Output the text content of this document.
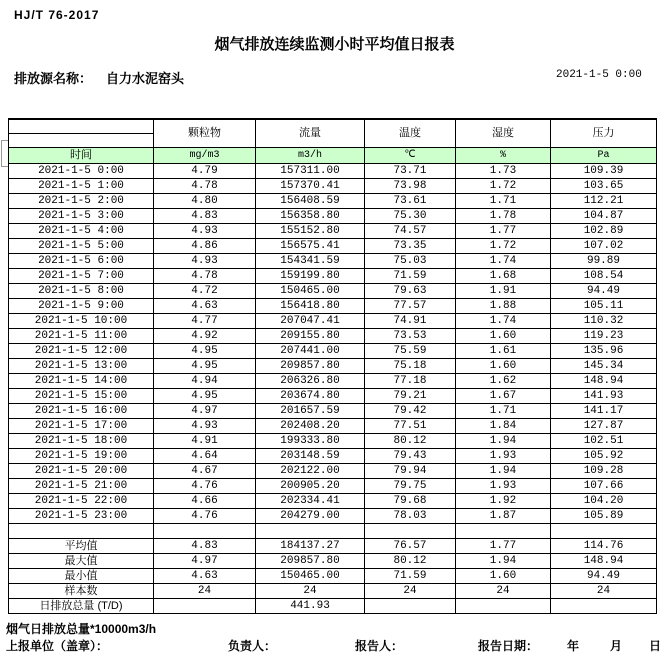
HJ/T 76-2017
烟气排放连续监测小时平均值日报表
排放源名称： 自力水泥窑头	2021-1-5 0:00
	颗粒物	流量	温度	湿度	压力

时间	mg/m3	m3/h	℃	%	Pa
2021-1-5 0:00	4.79	157311.00	73.71	1.73	109.39
2021-1-5 1:00	4.78	157370.41	73.98	1.72	103.65
2021-1-5 2:00	4.80	156408.59	73.61	1.71	112.21
2021-1-5 3:00	4.83	156358.80	75.30	1.78	104.87
2021-1-5 4:00	4.93	155152.80	74.57	1.77	102.89
2021-1-5 5:00	4.86	156575.41	73.35	1.72	107.02
2021-1-5 6:00	4.93	154341.59	75.03	1.74	99.89
2021-1-5 7:00	4.78	159199.80	71.59	1.68	108.54
2021-1-5 8:00	4.72	150465.00	79.63	1.91	94.49
2021-1-5 9:00	4.63	156418.80	77.57	1.88	105.11
2021-1-5 10:00	4.77	207047.41	74.91	1.74	110.32
2021-1-5 11:00	4.92	209155.80	73.53	1.60	119.23
2021-1-5 12:00	4.95	207441.00	75.59	1.61	135.96
2021-1-5 13:00	4.95	209857.80	75.18	1.60	145.34
2021-1-5 14:00	4.94	206326.80	77.18	1.62	148.94
2021-1-5 15:00	4.95	203674.80	79.21	1.67	141.93
2021-1-5 16:00	4.97	201657.59	79.42	1.71	141.17
2021-1-5 17:00	4.93	202408.20	77.51	1.84	127.87
2021-1-5 18:00	4.91	199333.80	80.12	1.94	102.51
2021-1-5 19:00	4.64	203148.59	79.43	1.93	105.92
2021-1-5 20:00	4.67	202122.00	79.94	1.94	109.28
2021-1-5 21:00	4.76	200905.20	79.75	1.93	107.66
2021-1-5 22:00	4.66	202334.41	79.68	1.92	104.20
2021-1-5 23:00	4.76	204279.00	78.03	1.87	105.89

平均值	4.83	184137.27	76.57	1.77	114.76
最大值	4.97	209857.80	80.12	1.94	148.94
最小值	4.63	150465.00	71.59	1.60	94.49
样本数	24	24	24	24	24
日排放总量 (T/D)		441.93			
烟气日排放总量*10000m3/h
上报单位（盖章）：	负责人：	报告人：	报告日期： 年	月 日
